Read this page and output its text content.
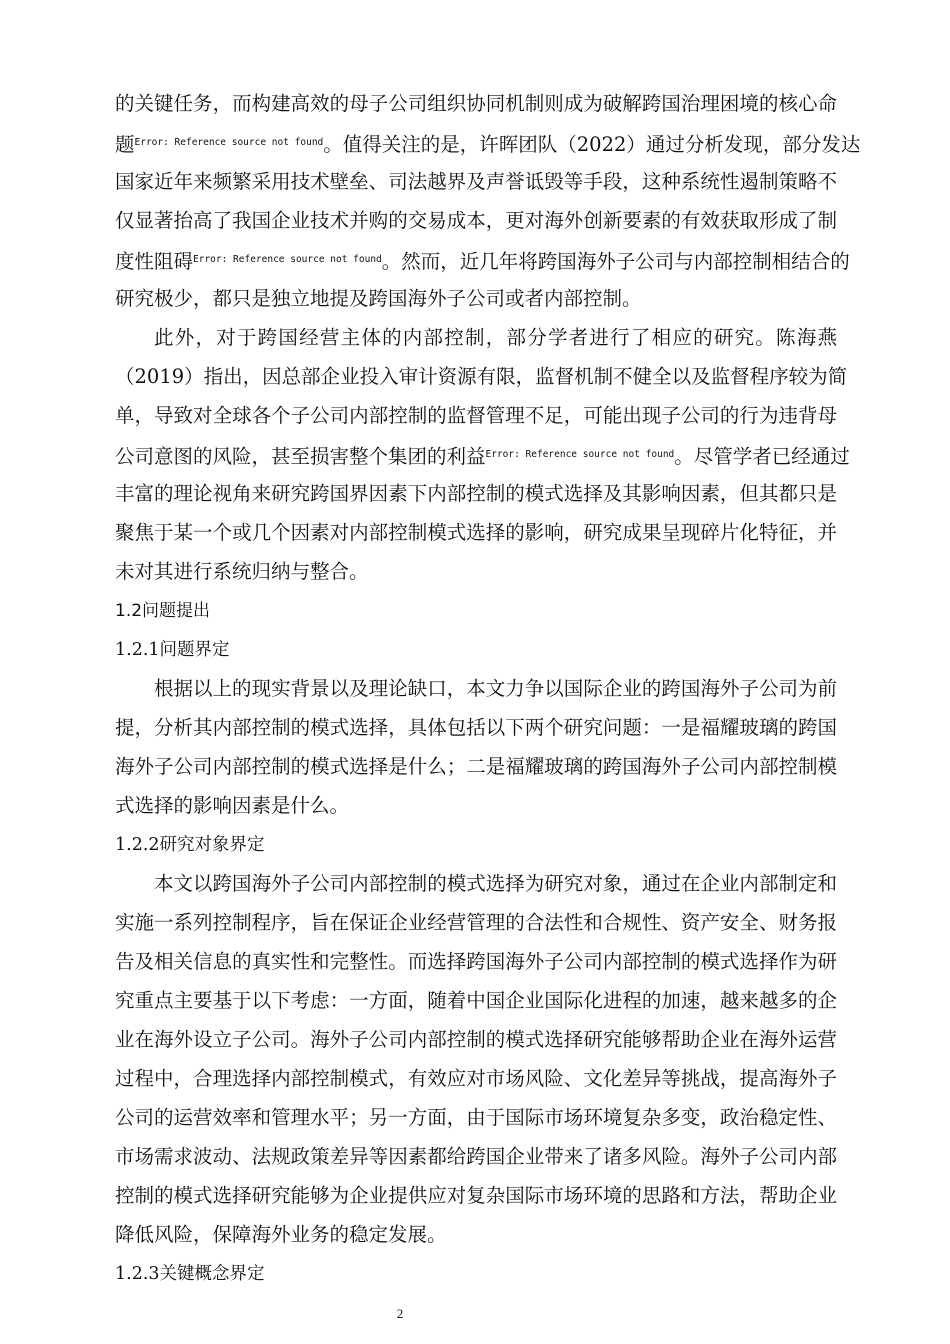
的关键任务，而构建高效的母子公司组织协同机制则成为破解跨国治理困境的核心命
题$^{Error: Reference source not found}$。值得关注的是，许晖团队（2022）通过分析发现，部分发达
国家近年来频繁采用技术壁垒、司法越界及声誉诋毁等手段，这种系统性遏制策略不
仅显著抬高了我国企业技术并购的交易成本，更对海外创新要素的有效获取形成了制
度性阻碍$^{Error: Reference source not found}$。然而，近几年将跨国海外子公司与内部控制相结合的
研究极少，都只是独立地提及跨国海外子公司或者内部控制。
此外，对于跨国经营主体的内部控制，部分学者进行了相应的研究。陈海燕
（2019）指出，因总部企业投入审计资源有限，监督机制不健全以及监督程序较为简
单，导致对全球各个子公司内部控制的监督管理不足，可能出现子公司的行为违背母
公司意图的风险，甚至损害整个集团的利益$^{Error: Reference source not found}$。尽管学者已经通过
丰富的理论视角来研究跨国界因素下内部控制的模式选择及其影响因素，但其都只是
聚焦于某一个或几个因素对内部控制模式选择的影响，研究成果呈现碎片化特征，并
未对其进行系统归纳与整合。
1.2问题提出
1.2.1问题界定
根据以上的现实背景以及理论缺口，本文力争以国际企业的跨国海外子公司为前
提，分析其内部控制的模式选择，具体包括以下两个研究问题：一是福耀玻璃的跨国
海外子公司内部控制的模式选择是什么；二是福耀玻璃的跨国海外子公司内部控制模
式选择的影响因素是什么。
1.2.2研究对象界定
本文以跨国海外子公司内部控制的模式选择为研究对象，通过在企业内部制定和
实施一系列控制程序，旨在保证企业经营管理的合法性和合规性、资产安全、财务报
告及相关信息的真实性和完整性。而选择跨国海外子公司内部控制的模式选择作为研
究重点主要基于以下考虑：一方面，随着中国企业国际化进程的加速，越来越多的企
业在海外设立子公司。海外子公司内部控制的模式选择研究能够帮助企业在海外运营
过程中，合理选择内部控制模式，有效应对市场风险、文化差异等挑战，提高海外子
公司的运营效率和管理水平；另一方面，由于国际市场环境复杂多变，政治稳定性、
市场需求波动、法规政策差异等因素都给跨国企业带来了诸多风险。海外子公司内部
控制的模式选择研究能够为企业提供应对复杂国际市场环境的思路和方法，帮助企业
降低风险，保障海外业务的稳定发展。
1.2.3关键概念界定
2
